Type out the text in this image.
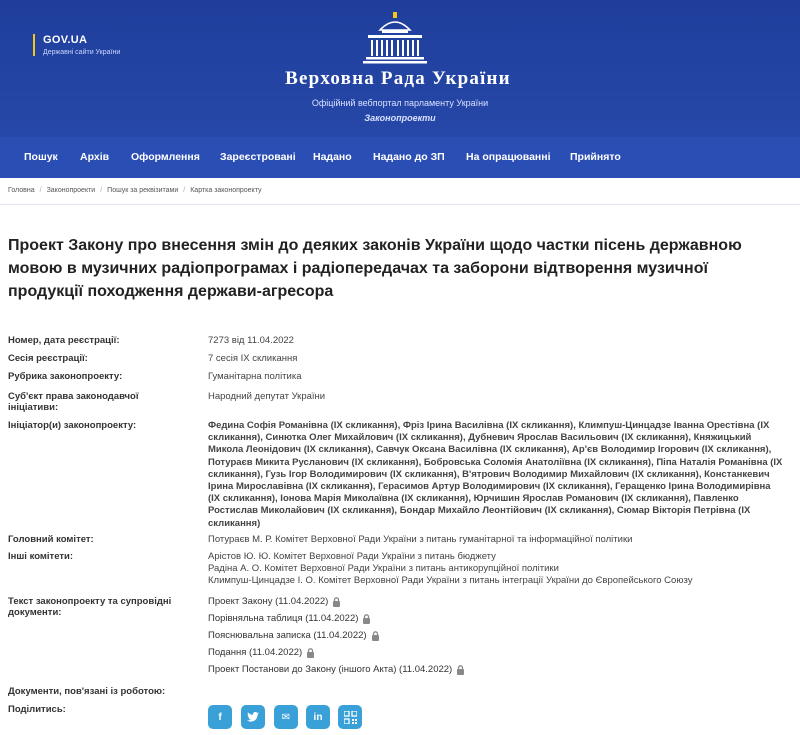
GOV.UA
Державні сайти України
Верховна Рада України
Офіційний вебпортал парламенту України
Законопроекти
Пошук Архів Оформлення Зареєстровані Надано Надано до ЗП На опрацюванні Прийнято
Головна / Законопроекти / Пошук за реквізитами / Картка законопроекту
Проект Закону про внесення змін до деяких законів України щодо частки пісень державною мовою в музичних радіопрограмах і радіопередачах та заборони відтворення музичної продукції походження держави-агресора
Номер, дата реєстрації:	7273 від 11.04.2022
Сесія реєстрації:	7 сесія IX скликання
Рубрика законопроекту:	Гуманітарна політика
Суб'єкт права законодавчої ініціативи:
Народний депутат України
Ініціатор(и) законопроекту:	Федина Софія Романівна (IX скликання), Фріз Ірина Василівна (IX скликання), Климпуш-Цинцадзе Іванна Орестівна (IX скликання), Синютка Олег Михайлович (IX скликання), Дубневич Ярослав Васильович (IX скликання), Княжицький Микола Леонідович (IX скликання), Савчук Оксана Василівна (IX скликання), Ар'єв Володимир Ігорович (IX скликання), Потураєв Микита Русланович (IX скликання), Бобровська Соломія Анатоліївна (IX скликання), Піпа Наталія Романівна (IX скликання), Гузь Ігор Володимирович (IX скликання), В'ятрович Володимир Михайлович (IX скликання), Констанкевич Ірина Мирославівна (IX скликання), Герасимов Артур Володимирович (IX скликання), Геращенко Ірина Володимирівна (IX скликання), Іонова Марія Миколаївна (IX скликання), Юрчишин Ярослав Романович (IX скликання), Павленко Ростислав Миколайович (IX скликання), Бондар Михайло Леонтійович (IX скликання), Сюмар Вікторія Петрівна (IX скликання)
Головний комітет:	Потураєв М. Р. Комітет Верховної Ради України з питань гуманітарної та інформаційної політики
Інші комітети:	Арістов Ю. Ю. Комітет Верховної Ради України з питань бюджету
Радіна А. О. Комітет Верховної Ради України з питань антикорупційної політики
Климпуш-Цинцадзе І. О. Комітет Верховної Ради України з питань інтеграції України до Європейського Союзу
Текст законопроекту та супровідні документи:
Проект Закону (11.04.2022)
Порівняльна таблиця (11.04.2022)
Пояснювальна записка (11.04.2022)
Подання (11.04.2022)
Проект Постанови до Закону (іншого Акта) (11.04.2022)
Документи, пов'язані із роботою:
Поділитись:
f	✉ in
